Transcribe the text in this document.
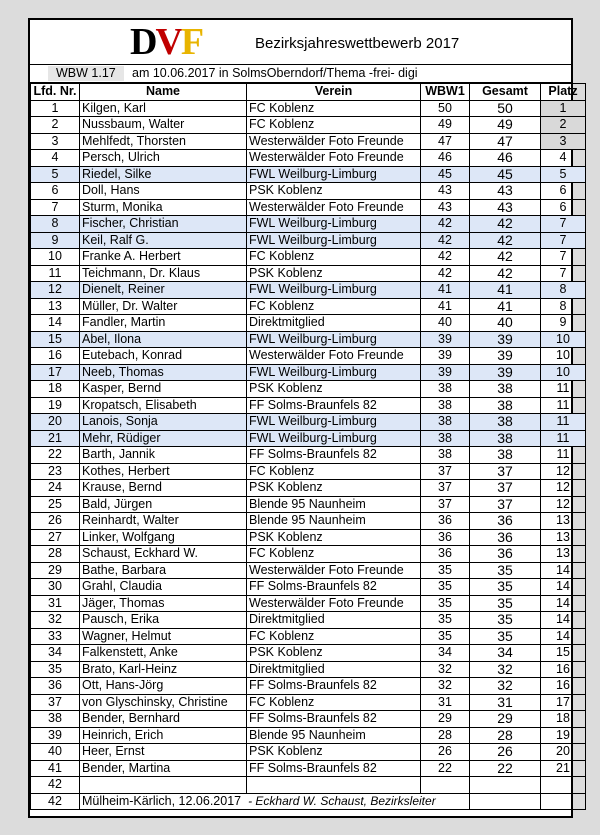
DVF	Bezirksjahreswettbewerb 2017
WBW 1.17	am 10.06.2017 in SolmsOberndorf/Thema -frei- digi
Lfd. Nr.	Name	Verein	WBW1	Gesamt	Platz
1	Kilgen, Karl	FC Koblenz	50	50	1
2	Nussbaum, Walter	FC Koblenz	49	49	2
3	Mehlfedt, Thorsten	Westerwälder Foto Freunde	47	47	3
4	Persch, Ulrich	Westerwälder Foto Freunde	46	46	4
5	Riedel, Silke	FWL Weilburg-Limburg	45	45	5
6	Doll, Hans	PSK Koblenz	43	43	6
7	Sturm, Monika	Westerwälder Foto Freunde	43	43	6
8	Fischer, Christian	FWL Weilburg-Limburg	42	42	7
9	Keil, Ralf G.	FWL Weilburg-Limburg	42	42	7
10	Franke A. Herbert	FC Koblenz	42	42	7
11	Teichmann, Dr. Klaus	PSK Koblenz	42	42	7
12	Dienelt, Reiner	FWL Weilburg-Limburg	41	41	8
13	Müller, Dr. Walter	FC Koblenz	41	41	8
14	Fandler, Martin	Direktmitglied	40	40	9
15	Abel, Ilona	FWL Weilburg-Limburg	39	39	10
16	Eutebach, Konrad	Westerwälder Foto Freunde	39	39	10
17	Neeb, Thomas	FWL Weilburg-Limburg	39	39	10
18	Kasper, Bernd	PSK Koblenz	38	38	11
19	Kropatsch, Elisabeth	FF Solms-Braunfels 82	38	38	11
20	Lanois, Sonja	FWL Weilburg-Limburg	38	38	11
21	Mehr, Rüdiger	FWL Weilburg-Limburg	38	38	11
22	Barth, Jannik	FF Solms-Braunfels 82	38	38	11
23	Kothes, Herbert	FC Koblenz	37	37	12
24	Krause, Bernd	PSK Koblenz	37	37	12
25	Bald, Jürgen	Blende 95 Naunheim	37	37	12
26	Reinhardt, Walter	Blende 95 Naunheim	36	36	13
27	Linker, Wolfgang	PSK Koblenz	36	36	13
28	Schaust, Eckhard W.	FC Koblenz	36	36	13
29	Bathe, Barbara	Westerwälder Foto Freunde	35	35	14
30	Grahl, Claudia	FF Solms-Braunfels 82	35	35	14
31	Jäger, Thomas	Westerwälder Foto Freunde	35	35	14
32	Pausch, Erika	Direktmitglied	35	35	14
33	Wagner, Helmut	FC Koblenz	35	35	14
34	Falkenstett, Anke	PSK Koblenz	34	34	15
35	Brato, Karl-Heinz	Direktmitglied	32	32	16
36	Ott, Hans-Jörg	FF Solms-Braunfels 82	32	32	16
37	von Glyschinsky, Christine	FC Koblenz	31	31	17
38	Bender, Bernhard	FF Solms-Braunfels 82	29	29	18
39	Heinrich, Erich	Blende 95 Naunheim	28	28	19
40	Heer, Ernst	PSK Koblenz	26	26	20
41	Bender, Martina	FF Solms-Braunfels 82	22	22	21
42					
42	Mülheim-Kärlich, 12.06.2017 - Eckhard W. Schaust, Bezirksleiter				
